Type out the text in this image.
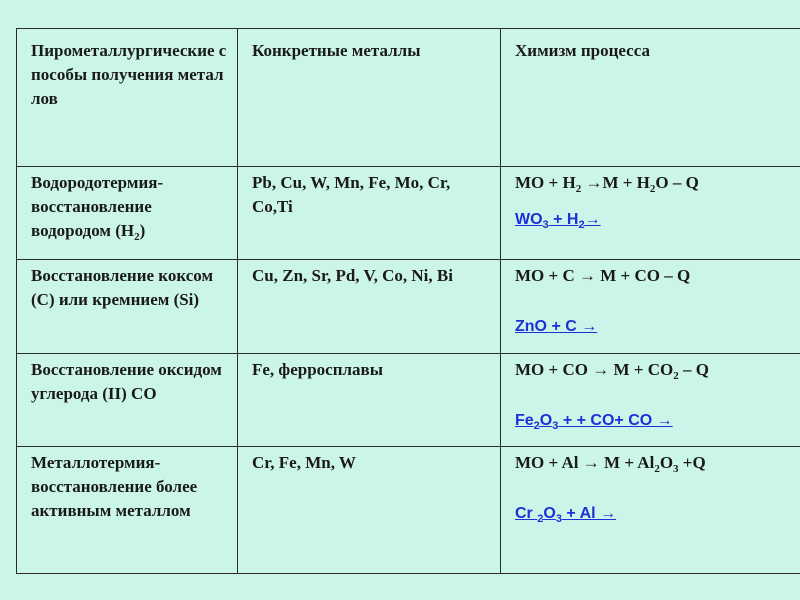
Пирометаллургические способы получения металлов	Конкретные металлы	Химизм процесса
Водородотермия-восстановление водородом $(H_2)$	Pb, Cu, W, Mn, Fe, Mo, Cr, Co,Ti	MO + $H_2 \to M + H_2O - Q$
$WO_3 + H_2\to$

Восстановление коксом (C) или кремнием (Si)	Cu, Zn, Sr, Pd, V, Co, Ni, Bi	MO + C → M + CO – Q
ZnO + C →

Восстановление оксидом углерода (II) CO	Fe, ферросплавы	MO + CO → $M + CO_2 - Q$
$Fe_2O_3$ + + CO+ CO →

Металлотермия-восстановление более активным металлом	Cr, Fe, Mn, W	MO + $Al \to M + Al_2O_3 +Q$
Cr $_2O_3 + Al$ →
